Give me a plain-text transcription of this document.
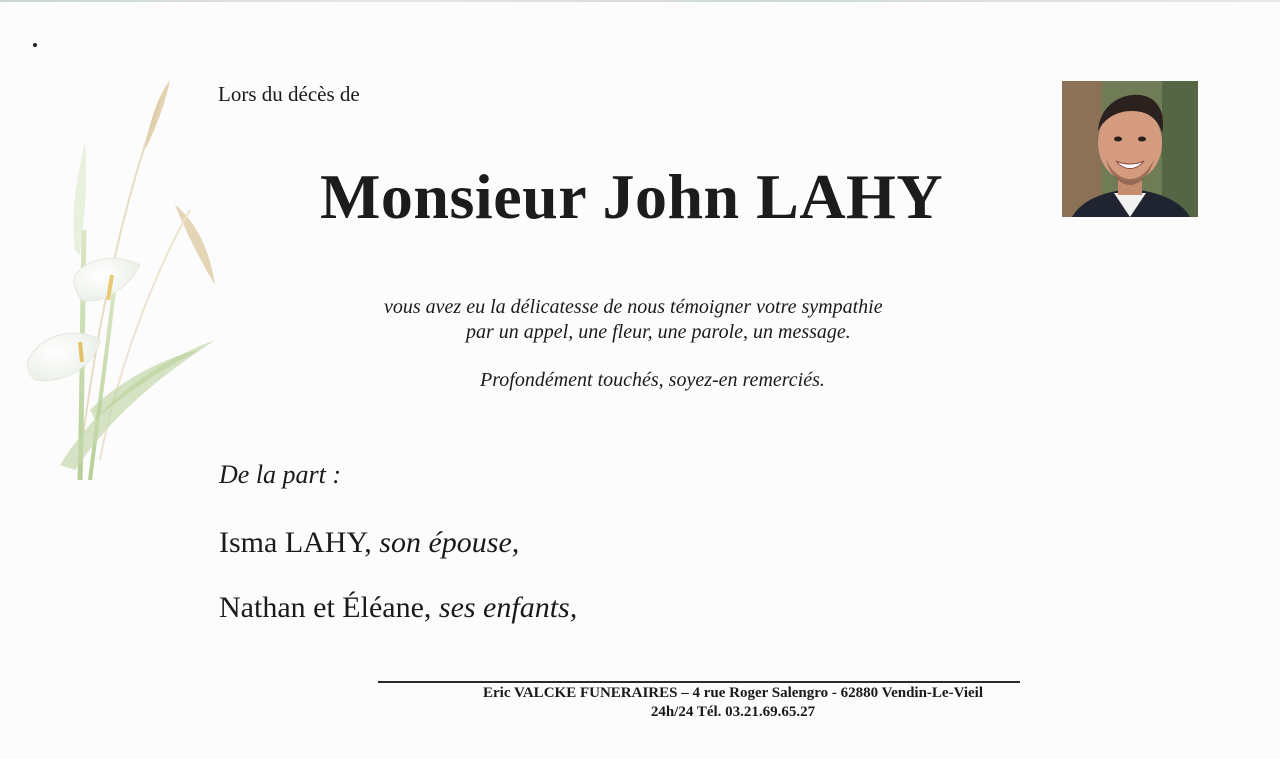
Lors du décès de
Monsieur John LAHY
vous avez eu la délicatesse de nous témoigner votre sympathie
par un appel, une fleur, une parole, un message.
Profondément touchés, soyez-en remerciés.
De la part :
Isma LAHY, son épouse,
Nathan et Éléane, ses enfants,
Eric VALCKE FUNERAIRES – 4 rue Roger Salengro - 62880 Vendin-Le-Vieil
24h/24 Tél. 03.21.69.65.27
